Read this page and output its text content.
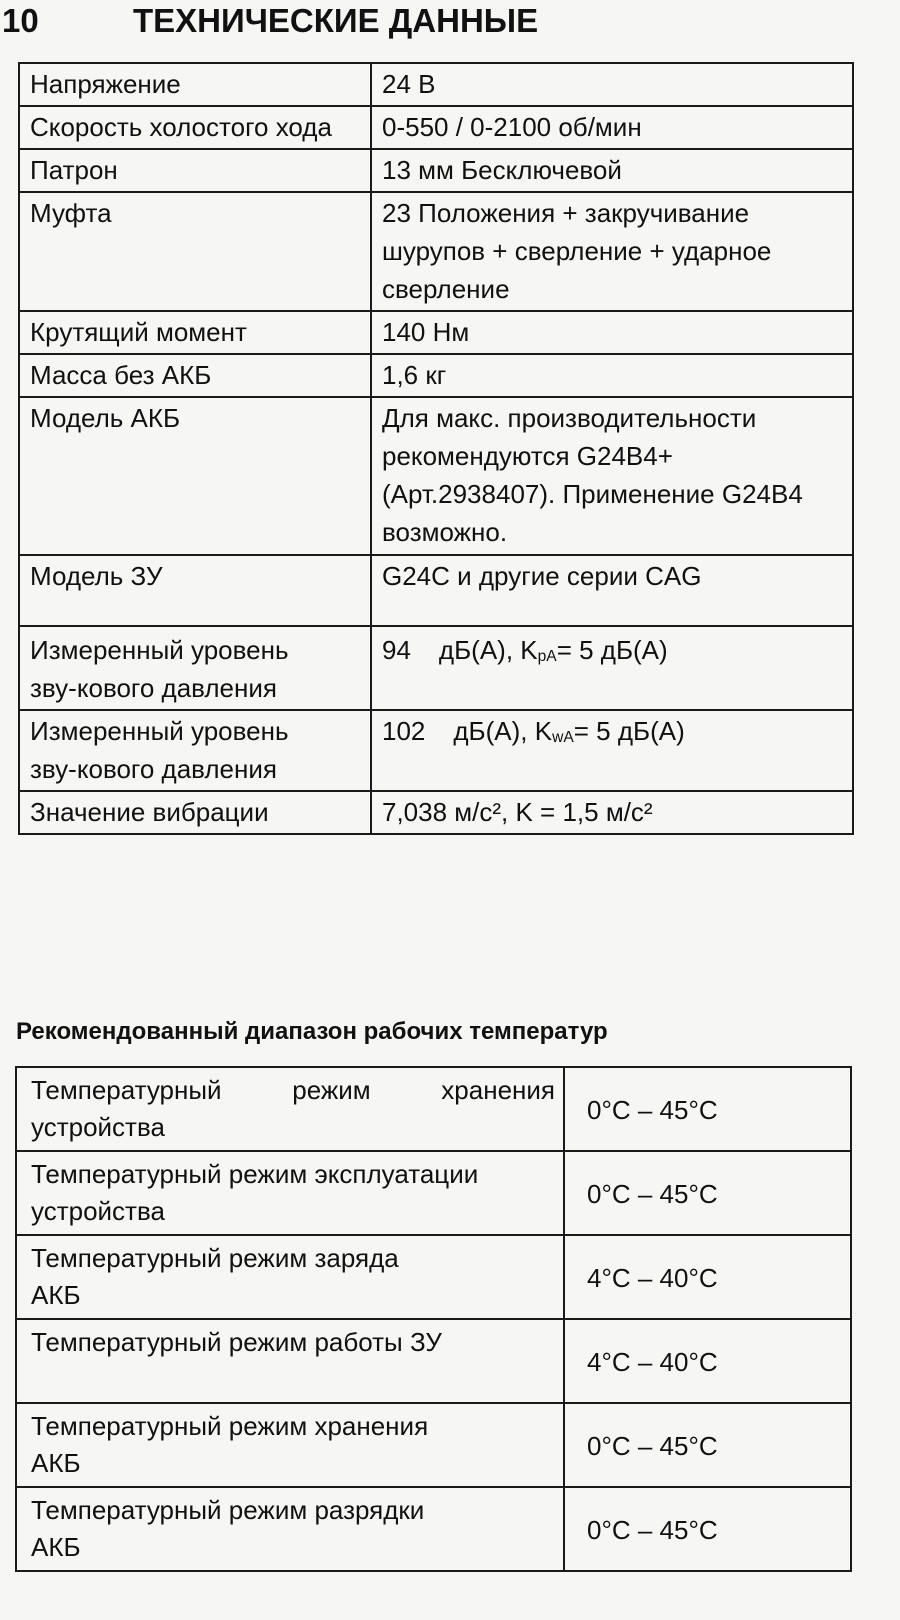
10	ТЕХНИЧЕСКИЕ ДАННЫЕ
Напряжение	24 В
Скорость холостого хода	0-550 / 0-2100 об/мин
Патрон	13 мм Бесключевой
Муфта	23 Положения + закручивание шурупов + сверление + ударное сверление
Крутящий момент	140 Нм
Масса без АКБ	1,6 кг
Модель АКБ	Для макс. производительности рекомендуются G24B4+ (Арт.2938407). Применение G24B4 возможно.
Модель ЗУ	G24C и другие серии CAG
Измеренный уровень зву-кового давления	94 дБ(А), $K_{pA}= 5$ дБ(А)
Измеренный уровень зву-кового давления	102 дБ(А), $K_{wA}= 5$ дБ(А)
Значение вибрации	7,038 м/с², K = 1,5 м/с²
Рекомендованный диапазон рабочих температур
Температурный режим хранения устройства	0°C – 45°C
Температурный режим эксплуатации устройства	0°C – 45°C
Температурный режим заряда АКБ	4°C – 40°C
Температурный режим работы ЗУ	4°C – 40°C
Температурный режим хранения АКБ	0°C – 45°C
Температурный режим разрядки АКБ	0°C – 45°C
